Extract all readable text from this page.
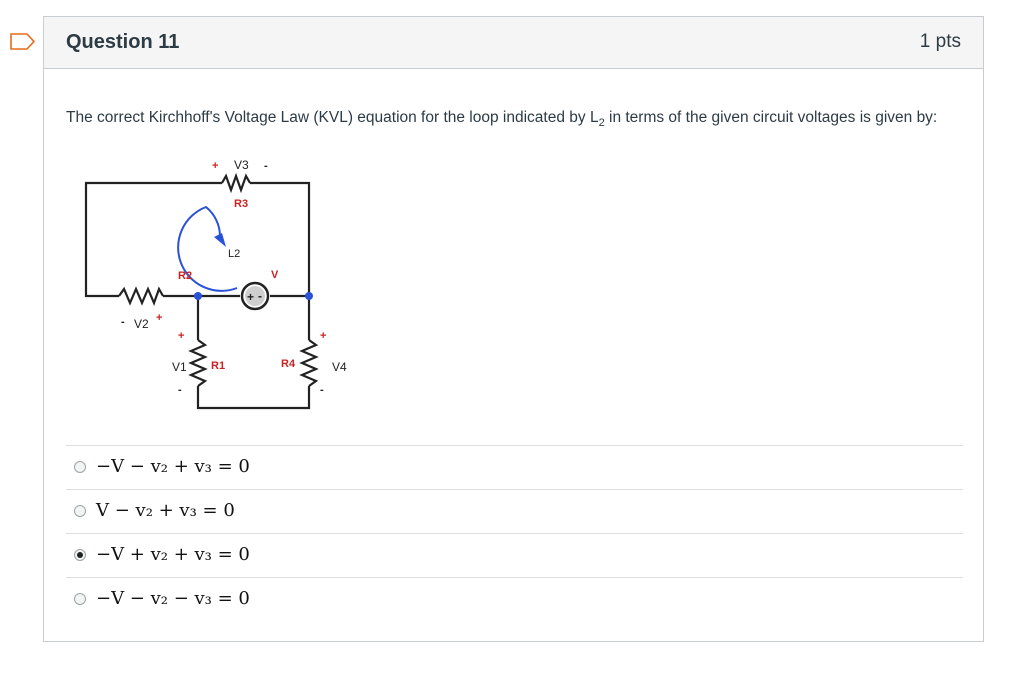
Question 11	1 pts
The correct Kirchhoff's Voltage Law (KVL) equation for the loop indicated by $L_2$ in terms of the given circuit voltages is given by:
+ -
+ V3 -
R3
L2
R2	V
- V2 +
+
V1
-
R1	R4
+
V4
-
−V − v₂ + v₃ = 0
V − v₂ + v₃ = 0
−V + v₂ + v₃ = 0
−V − v₂ − v₃ = 0
